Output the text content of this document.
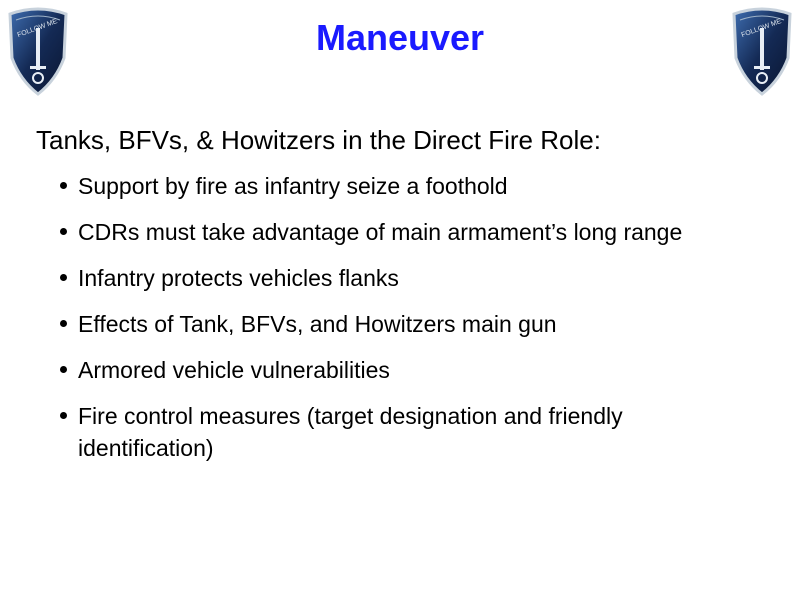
FOLLOW ME	FOLLOW ME
Maneuver
Tanks, BFVs, & Howitzers in the Direct Fire Role:
Support by fire as infantry seize a foothold
CDRs must take advantage of main armament’s long range
Infantry protects vehicles flanks
Effects of Tank, BFVs, and Howitzers main gun
Armored vehicle vulnerabilities
Fire control measures (target designation and friendly identification)
